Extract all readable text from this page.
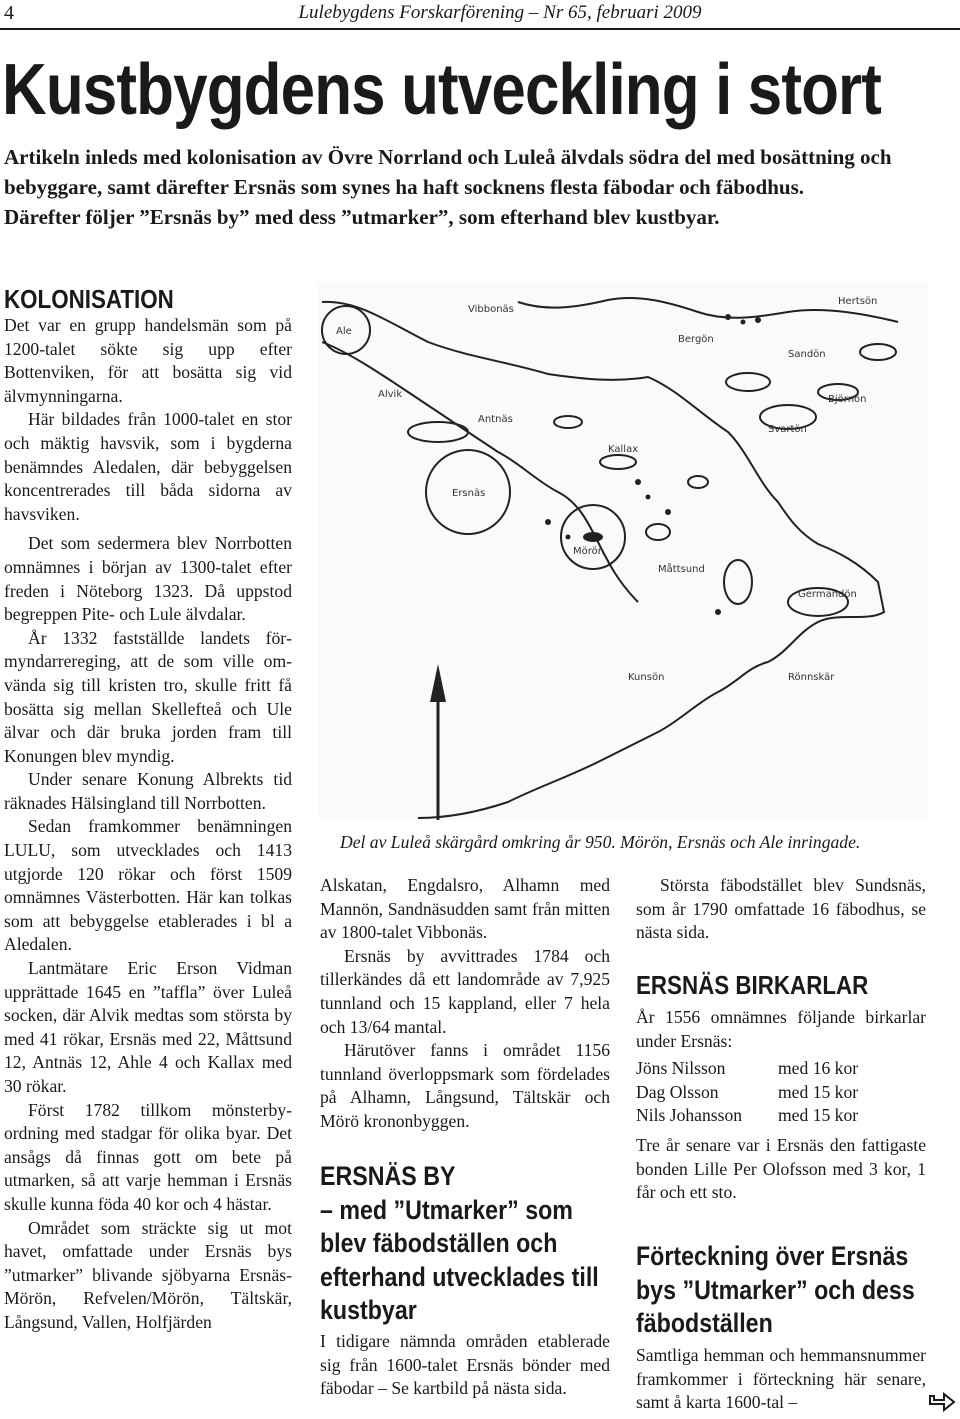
4	Lulebygdens Forskarförening – Nr 65, februari 2009
Kustbygdens utveckling i stort

Artikeln inleds med kolonisation av Övre Norrland och Luleå älvdals södra del med bosättning och bebyggare, samt därefter Ersnäs som synes ha haft socknens flesta fäbodar och fäbodhus.

Därefter följer ”Ersnäs by” med dess ”utmarker”, som efterhand blev kustbyar.

KOLONISATION

Det var en grupp handelsmän som på 1200-talet sökte sig upp efter Bottenviken, för att bosätta sig vid älvmynningarna.

Här bildades från 1000-talet en stor och mäktig havsvik, som i bygderna benämndes Aledalen, där bebyggelsen koncentrerades till båda sidorna av havsviken.

Det som sedermera blev Norrbotten omnämnes i början av 1300-talet efter freden i Nöteborg 1323. Då uppstod begreppen Pite- och Lule älvdalar.

År 1332 fastställde landets förmyndarrereging, att de som ville omvända sig till kristen tro, skulle fritt få bosätta sig mellan Skellefteå och Ule älvar och där bruka jorden fram till Konungen blev myndig.

Under senare Konung Albrekts tid räknades Hälsingland till Norrbotten.

Sedan framkommer benämningen LULU, som utvecklades och 1413 utgjorde 120 rökar och först 1509 omnämnes Västerbotten. Här kan tolkas som att bebyggelse etablerades i bl a Aledalen.

Lantmätare Eric Erson Vidman upprättade 1645 en ”taffla” över Luleå socken, där Alvik medtas som största by med 41 rökar, Ersnäs med 22, Måttsund 12, Antnäs 12, Ahle 4 och Kallax med 30 rökar.

Först 1782 tillkom mönsterbyordning med stadgar för olika byar. Det ansågs då finnas gott om bete på utmarken, så att varje hemman i Ersnäs skulle kunna föda 40 kor och 4 hästar.

Området som sträckte sig ut mot havet, omfattade under Ersnäs bys ”utmarker” blivande sjöbyarna Ersnäs-Mörön, Refvelen/Mörön, Tältskär, Långsund, Vallen, Holfjärden

Ale
Ersnäs
Mörön
Alvik
Antnäs
Hertsön
Sandön
Germandön
Bergön
Björnön
Svartön
Kallax
Kunsön
Måttsund
Rönnskär
Vibbonäs
Del av Luleå skärgård omkring år 950. Mörön, Ersnäs och Ale inringade.

Alskatan, Engdalsro, Alhamn med Mannön, Sandnäsudden samt från mitten av 1800-talet Vibbonäs.

Ersnäs by avvittrades 1784 och tillerkändes då ett landområde av 7,925 tunnland och 15 kappland, eller 7 hela och 13/64 mantal.

Härutöver fanns i området 1156 tunnland överloppsmark som fördelades på Alhamn, Långsund, Tältskär och Mörö krononbyggen.

ERSNÄS BY
– med ”Utmarker” som
blev fäbodställen och
efterhand utvecklades till
kustbyar

I tidigare nämnda områden etablerade sig från 1600-talet Ersnäs bönder med fäbodar – Se kartbild på nästa sida.

Största fäbodstället blev Sundsnäs, som år 1790 omfattade 16 fäbodhus, se nästa sida.

ERSNÄS BIRKARLAR

År 1556 omnämnes följande birkarlar under Ersnäs:

Jöns Nilsson	med 16 kor
Dag Olsson	med 15 kor
Nils Johansson	med 15 kor

Tre år senare var i Ersnäs den fattigaste bonden Lille Per Olofsson med 3 kor, 1 får och ett sto.

Förteckning över Ersnäs
bys ”Utmarker” och dess
fäbodställen

Samtliga hemman och hemmansnummer framkommer i förteckning här senare, samt å karta 1600-tal –
